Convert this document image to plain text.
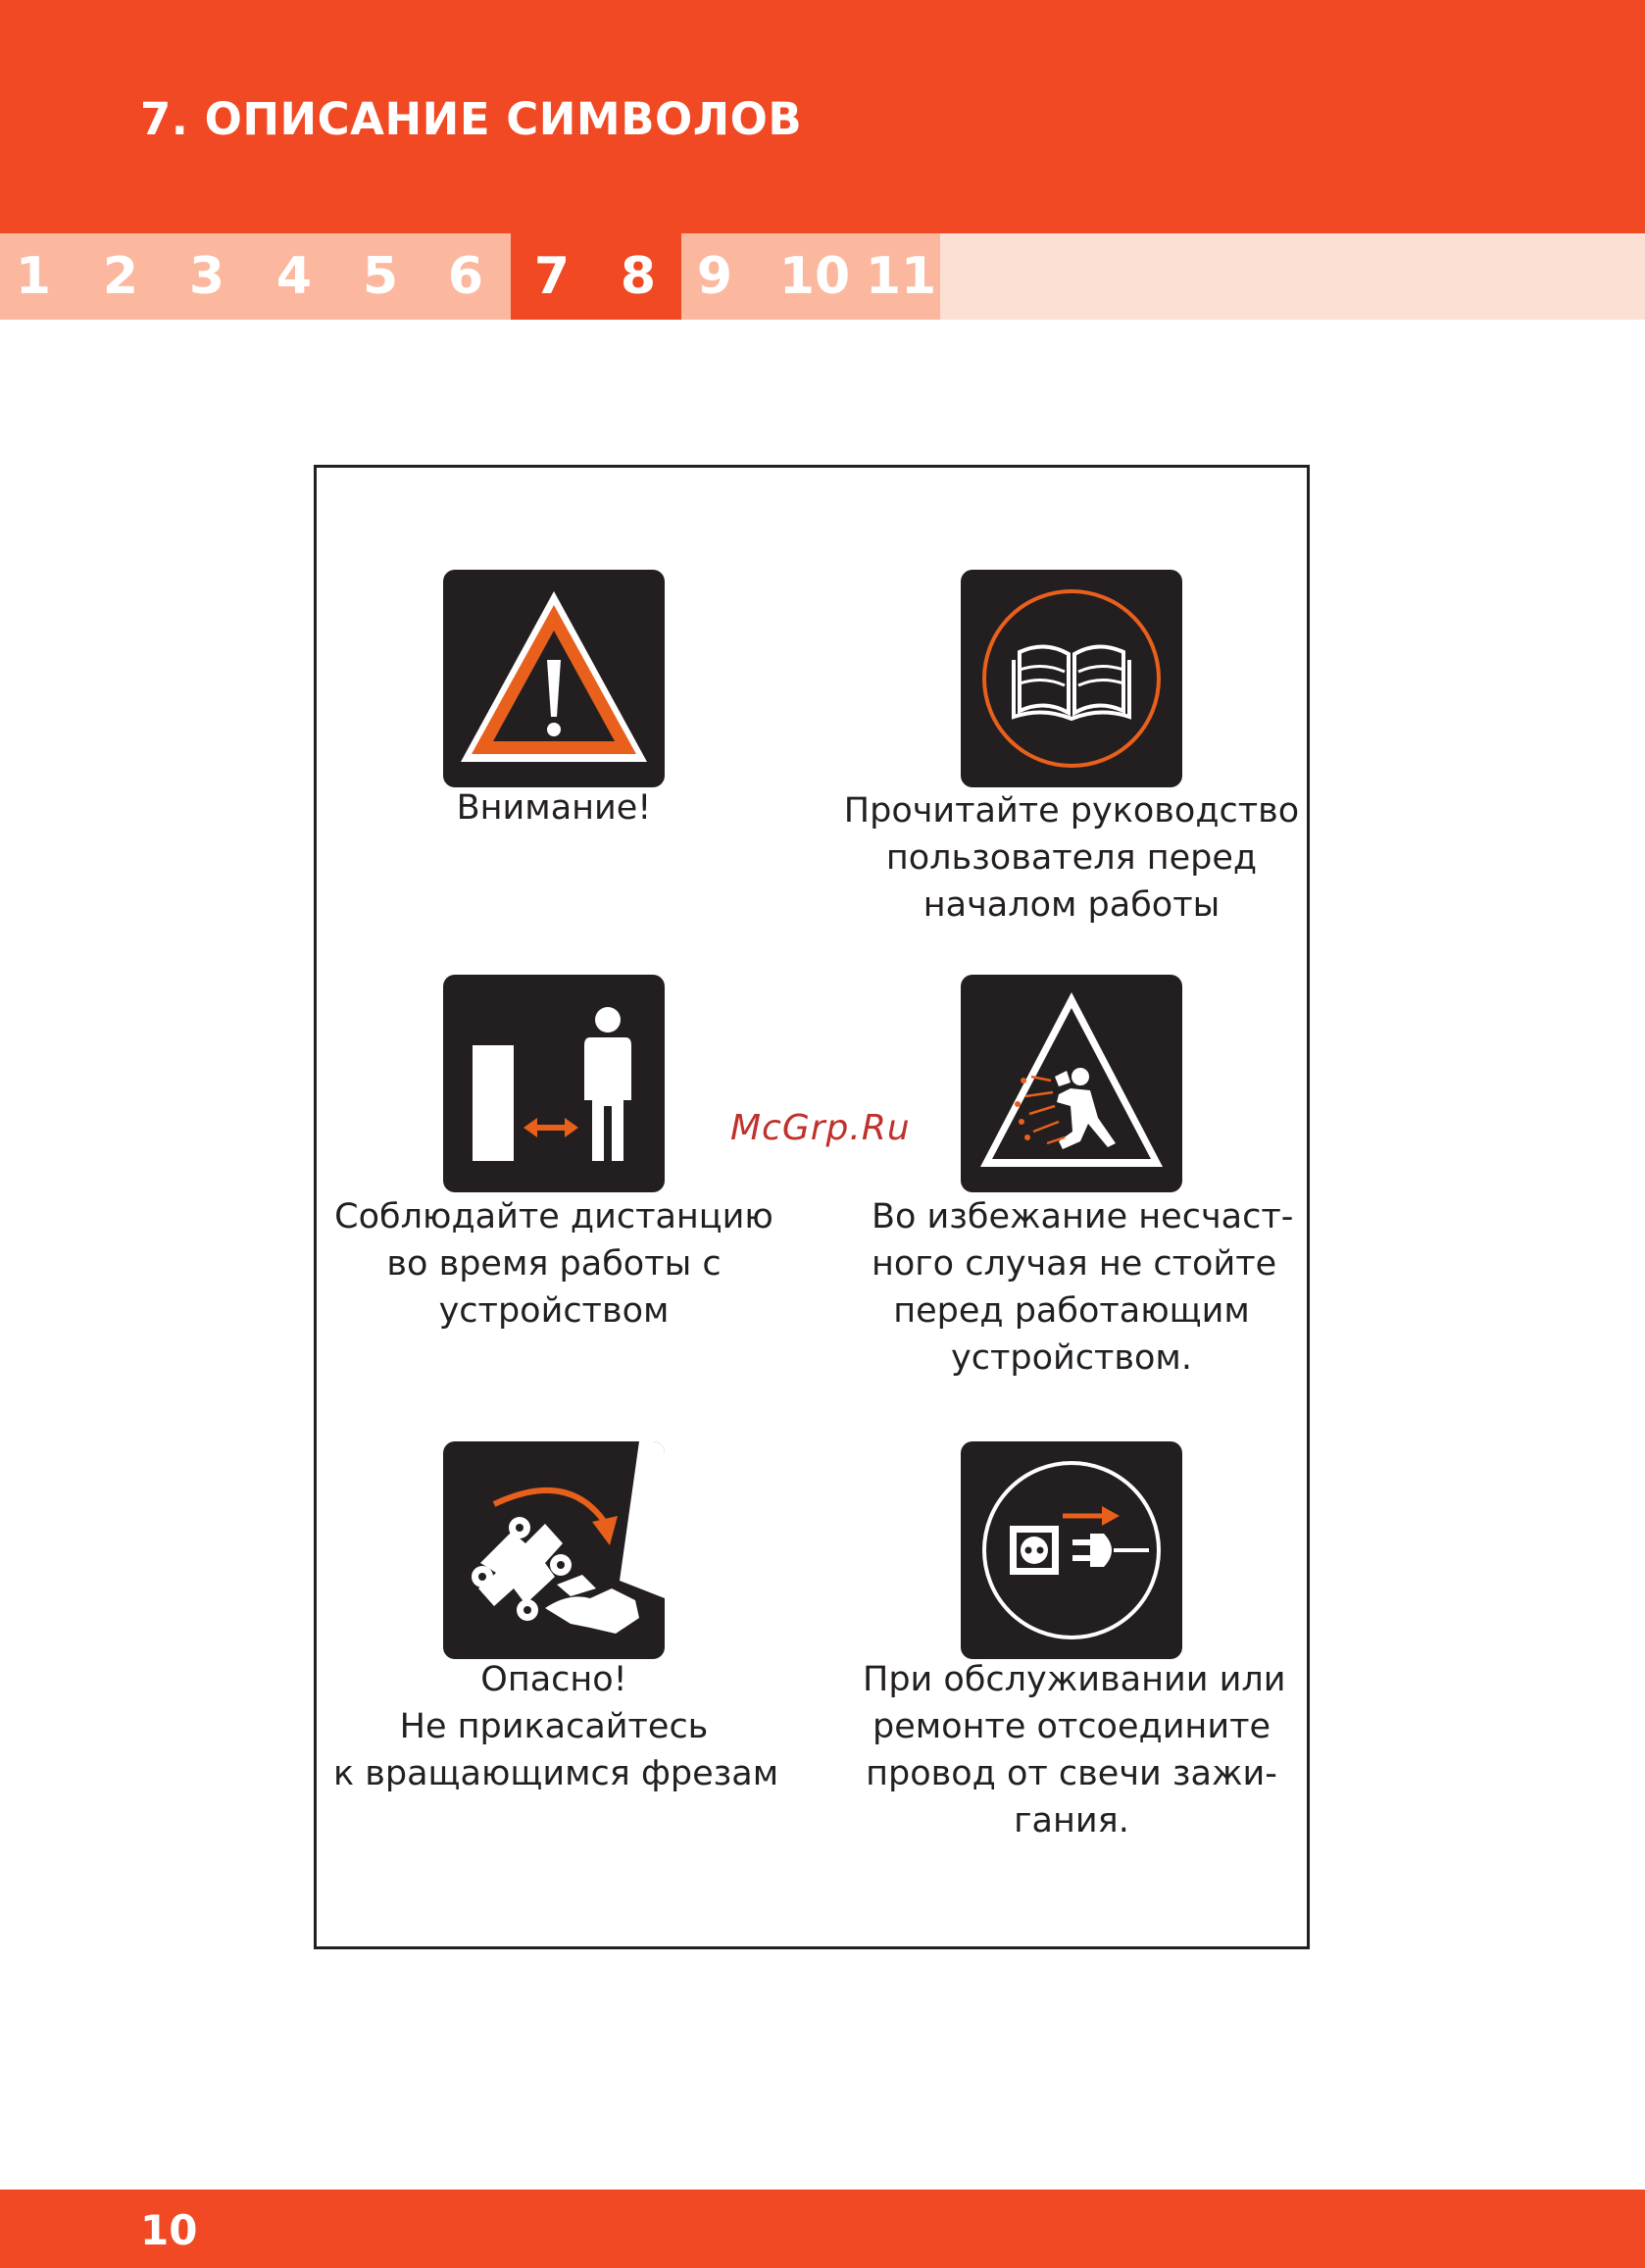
7. ОПИСАНИЕ СИМВОЛОВ
1	2 3	4 5 6 7 8 9 10 11
Внимание!	Прочитайте руководство
пользователя перед
началом работы
Соблюдайте дистанцию
во время работы с
устройством
Во избежание несчаст-
ного случая не стойте
перед работающим
устройством.
Опасно!
Не прикасайтесь
к вращающимся фрезам
При обслуживании или
ремонте отсоедините
провод от свечи зажи-
гания.
McGrp.Ru
10
